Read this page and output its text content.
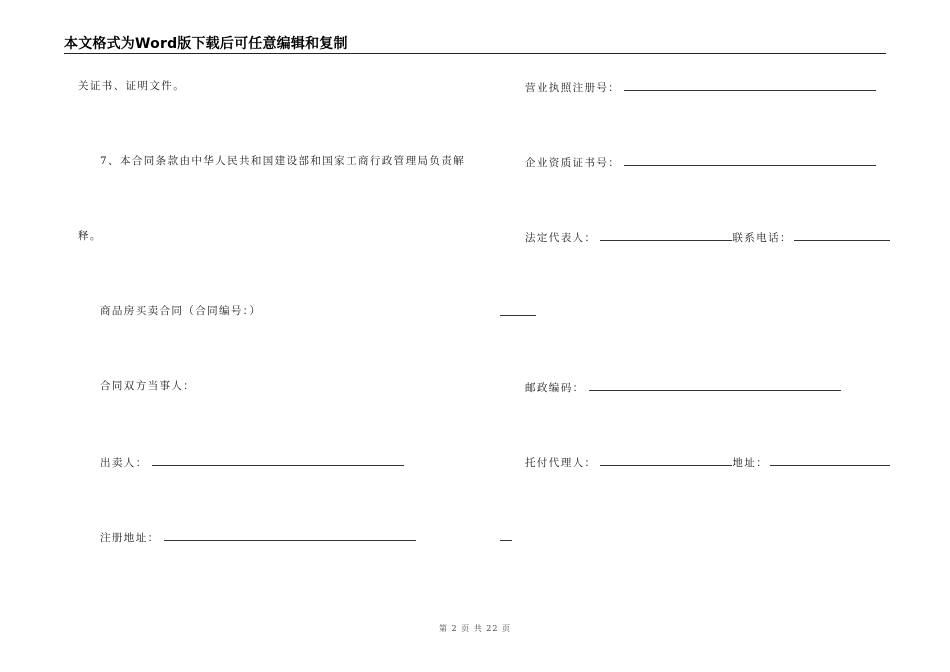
本文格式为Word版下载后可任意编辑和复制
关证书、证明文件。
7、本合同条款由中华人民共和国建设部和国家工商行政管理局负责解
释。
商品房买卖合同（合同编号：）
合同双方当事人：
出卖人：
注册地址：
营业执照注册号：
企业资质证书号：
法定代表人：	联系电话：
邮政编码：
托付代理人：	地址：
第 2 页 共 22 页
